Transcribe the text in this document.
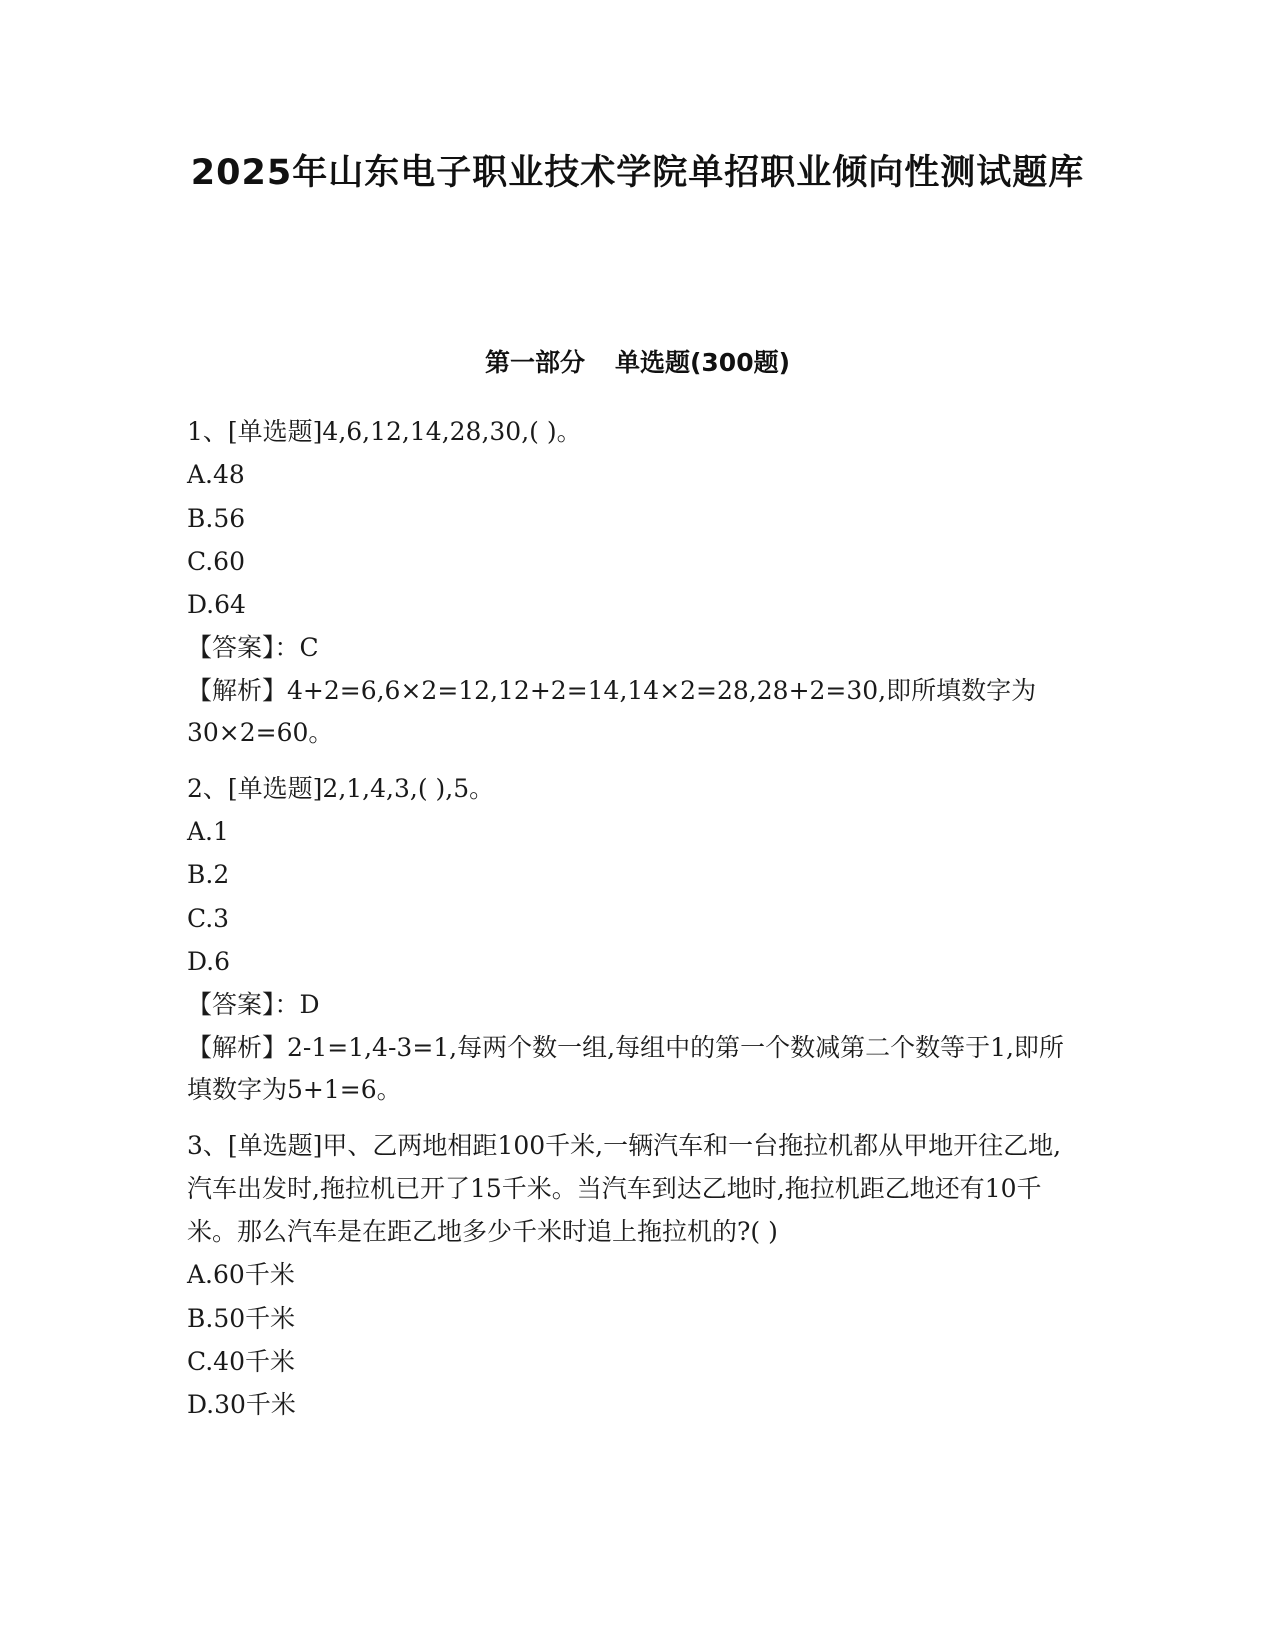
2025年山东电子职业技术学院单招职业倾向性测试题库
第一部分 单选题(300题)
1、[单选题]4,6,12,14,28,30,( )。
A.48
B.56
C.60
D.64
【答案】：C
【解析】4+2=6,6×2=12,12+2=14,14×2=28,28+2=30,即所填数字为30×2=60。
2、[单选题]2,1,4,3,( ),5。
A.1
B.2
C.3
D.6
【答案】：D
【解析】2-1=1,4-3=1,每两个数一组,每组中的第一个数减第二个数等于1,即所填数字为5+1=6。
3、[单选题]甲、乙两地相距100千米,一辆汽车和一台拖拉机都从甲地开往乙地,汽车出发时,拖拉机已开了15千米。当汽车到达乙地时,拖拉机距乙地还有10千米。那么汽车是在距乙地多少千米时追上拖拉机的?( )
A.60千米
B.50千米
C.40千米
D.30千米
